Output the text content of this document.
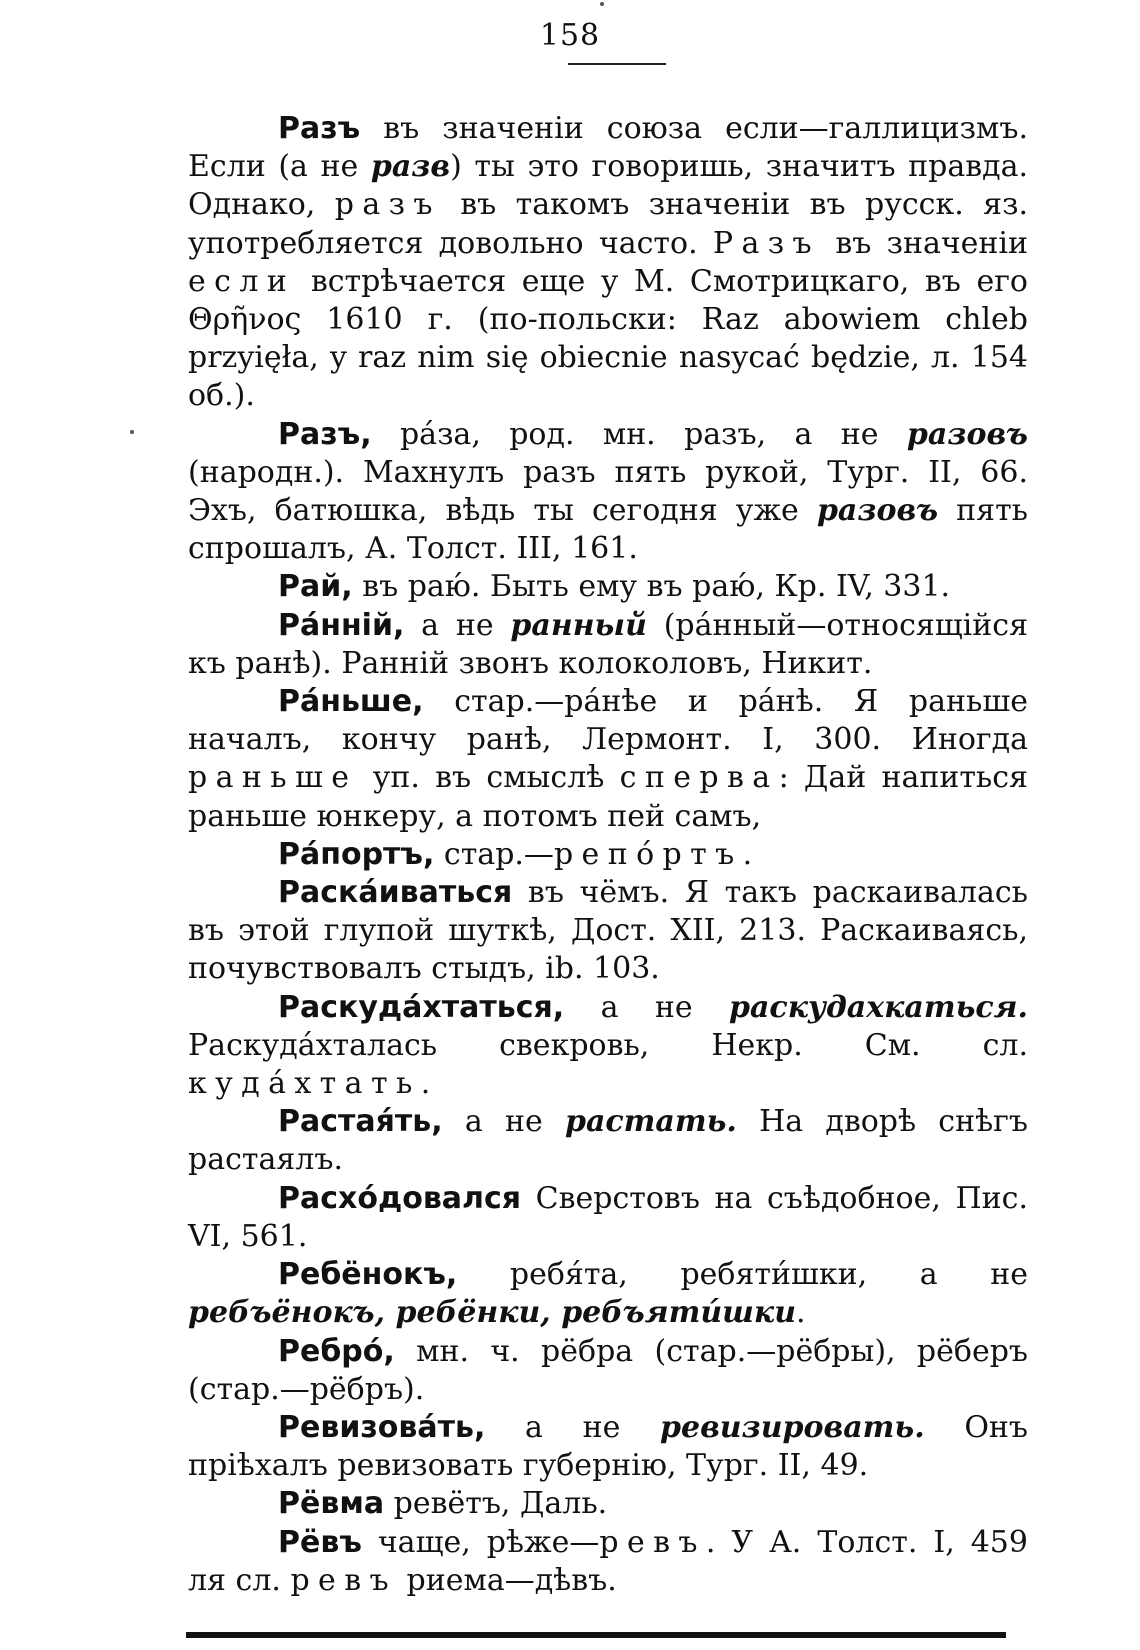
158

Разъ въ значеніи союза если—галлицизмъ. Если (а не разв) ты это говоришь, значитъ правда. Однако, разъ въ такомъ значеніи въ русск. яз. употребляется довольно часто. Разъ въ значеніи если встрѣчается еще у М. Смотрицкаго, въ его Θρῆνος 1610 г. (по-польски: Raz abowiem chleb przyięła, y raz nim się obiecnie nasycać będzie, л. 154 об.).

Разъ, ра́за, род. мн. разъ, а не разовъ (народн.). Махнулъ разъ пять рукой, Тург. II, 66. Эхъ, батюшка, вѣдь ты сегодня уже разовъ пять спрошалъ, А. Толст. III, 161.

Рай, въ раю́. Быть ему въ раю́, Кр. IV, 331.

Ра́нній, а не ранный (ра́нный—относящійся къ ранѣ). Ранній звонъ колоколовъ, Никит.

Ра́ньше, стар.—ра́нѣе и ра́нѣ. Я раньше началъ, кончу ранѣ, Лермонт. I, 300. Иногда раньше уп. въ смыслѣ сперва: Дай напиться раньше юнкеру, а потомъ пей самъ,

Ра́портъ, стар.—репо́ртъ.

Раска́иваться въ чёмъ. Я такъ раскаивалась въ этой глупой шуткѣ, Дост. XII, 213. Раскаиваясь, почувствовалъ стыдъ, ib. 103.

Раскуда́хтаться, а не раскудахкаться. Раскуда́хталась свекровь, Некр. См. сл. куда́хтать.

Растая́ть, а не растать. На дворѣ снѣгъ растаялъ.

Расхо́довался Сверстовъ на съѣдобное, Пис. VI, 561.

Ребёнокъ, ребя́та, ребяти́шки, а не ребъёнокъ, ребёнки, ребъяти́шки.

Ребро́, мн. ч. рёбра (стар.—рёбры), рёберъ (стар.—рёбръ).

Ревизова́ть, а не ревизировать. Онъ пріѣхалъ ревизовать губернію, Тург. II, 49.

Рёвма ревётъ, Даль.

Рёвъ чаще, рѣже—ревъ. У А. Толст. I, 459 ля сл. ревъ риема—дѣвъ.
